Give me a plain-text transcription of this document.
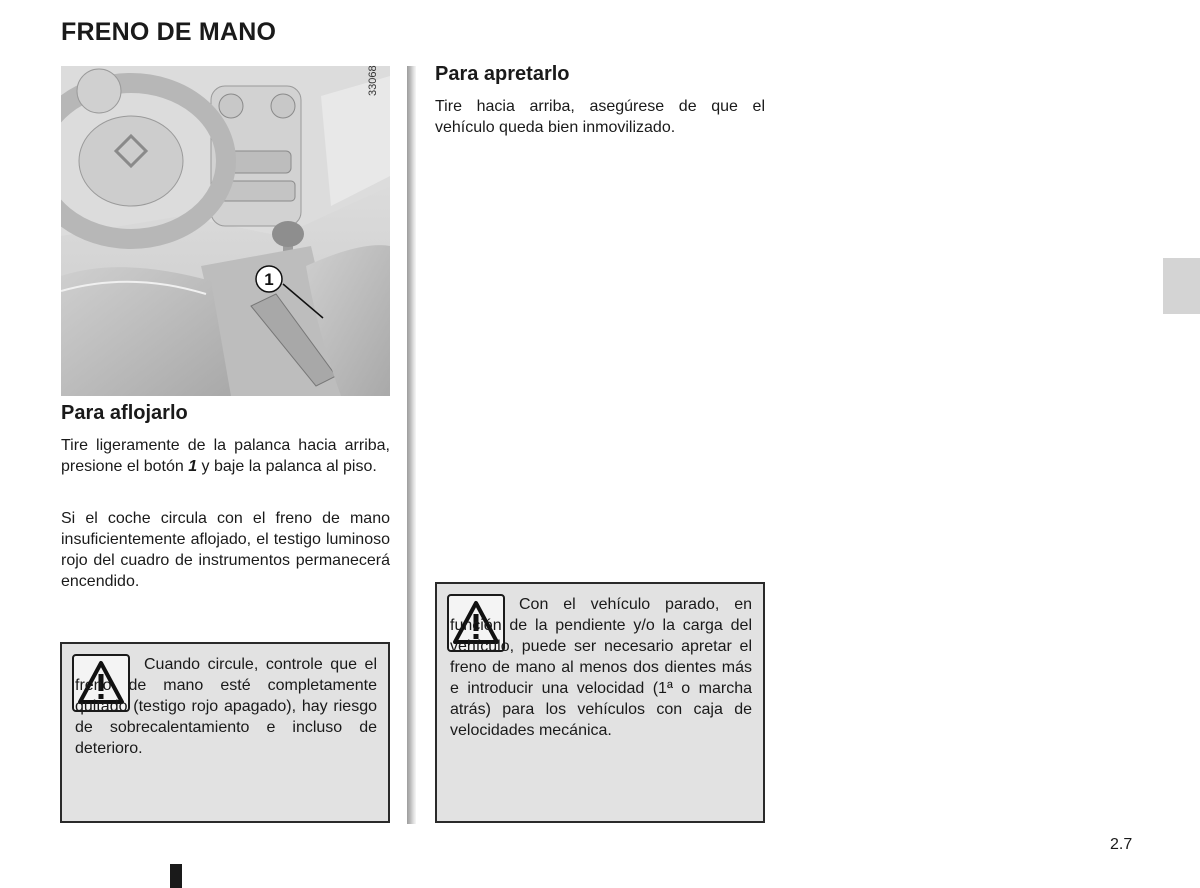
FRENO DE MANO
1
33068
Para aflojarlo

Tire ligeramente de la palanca hacia arriba, presione el botón 1 y baje la palanca al piso.

Si el coche circula con el freno de mano insuficientemente aflojado, el testigo luminoso rojo del cuadro de instrumentos permanecerá encendido.

Cuando circule, controle que el freno de mano esté completamente quitado (testigo rojo apagado), hay riesgo de sobrecalentamiento e incluso de deterioro.

Para apretarlo

Tire hacia arriba, asegúrese de que el vehículo queda bien inmovilizado.

Con el vehículo parado, en función de la pendiente y/o la carga del vehículo, puede ser necesario apretar el freno de mano al menos dos dientes más e introducir una velocidad (1ª o marcha atrás) para los vehículos con caja de velocidades mecánica.

2.7
